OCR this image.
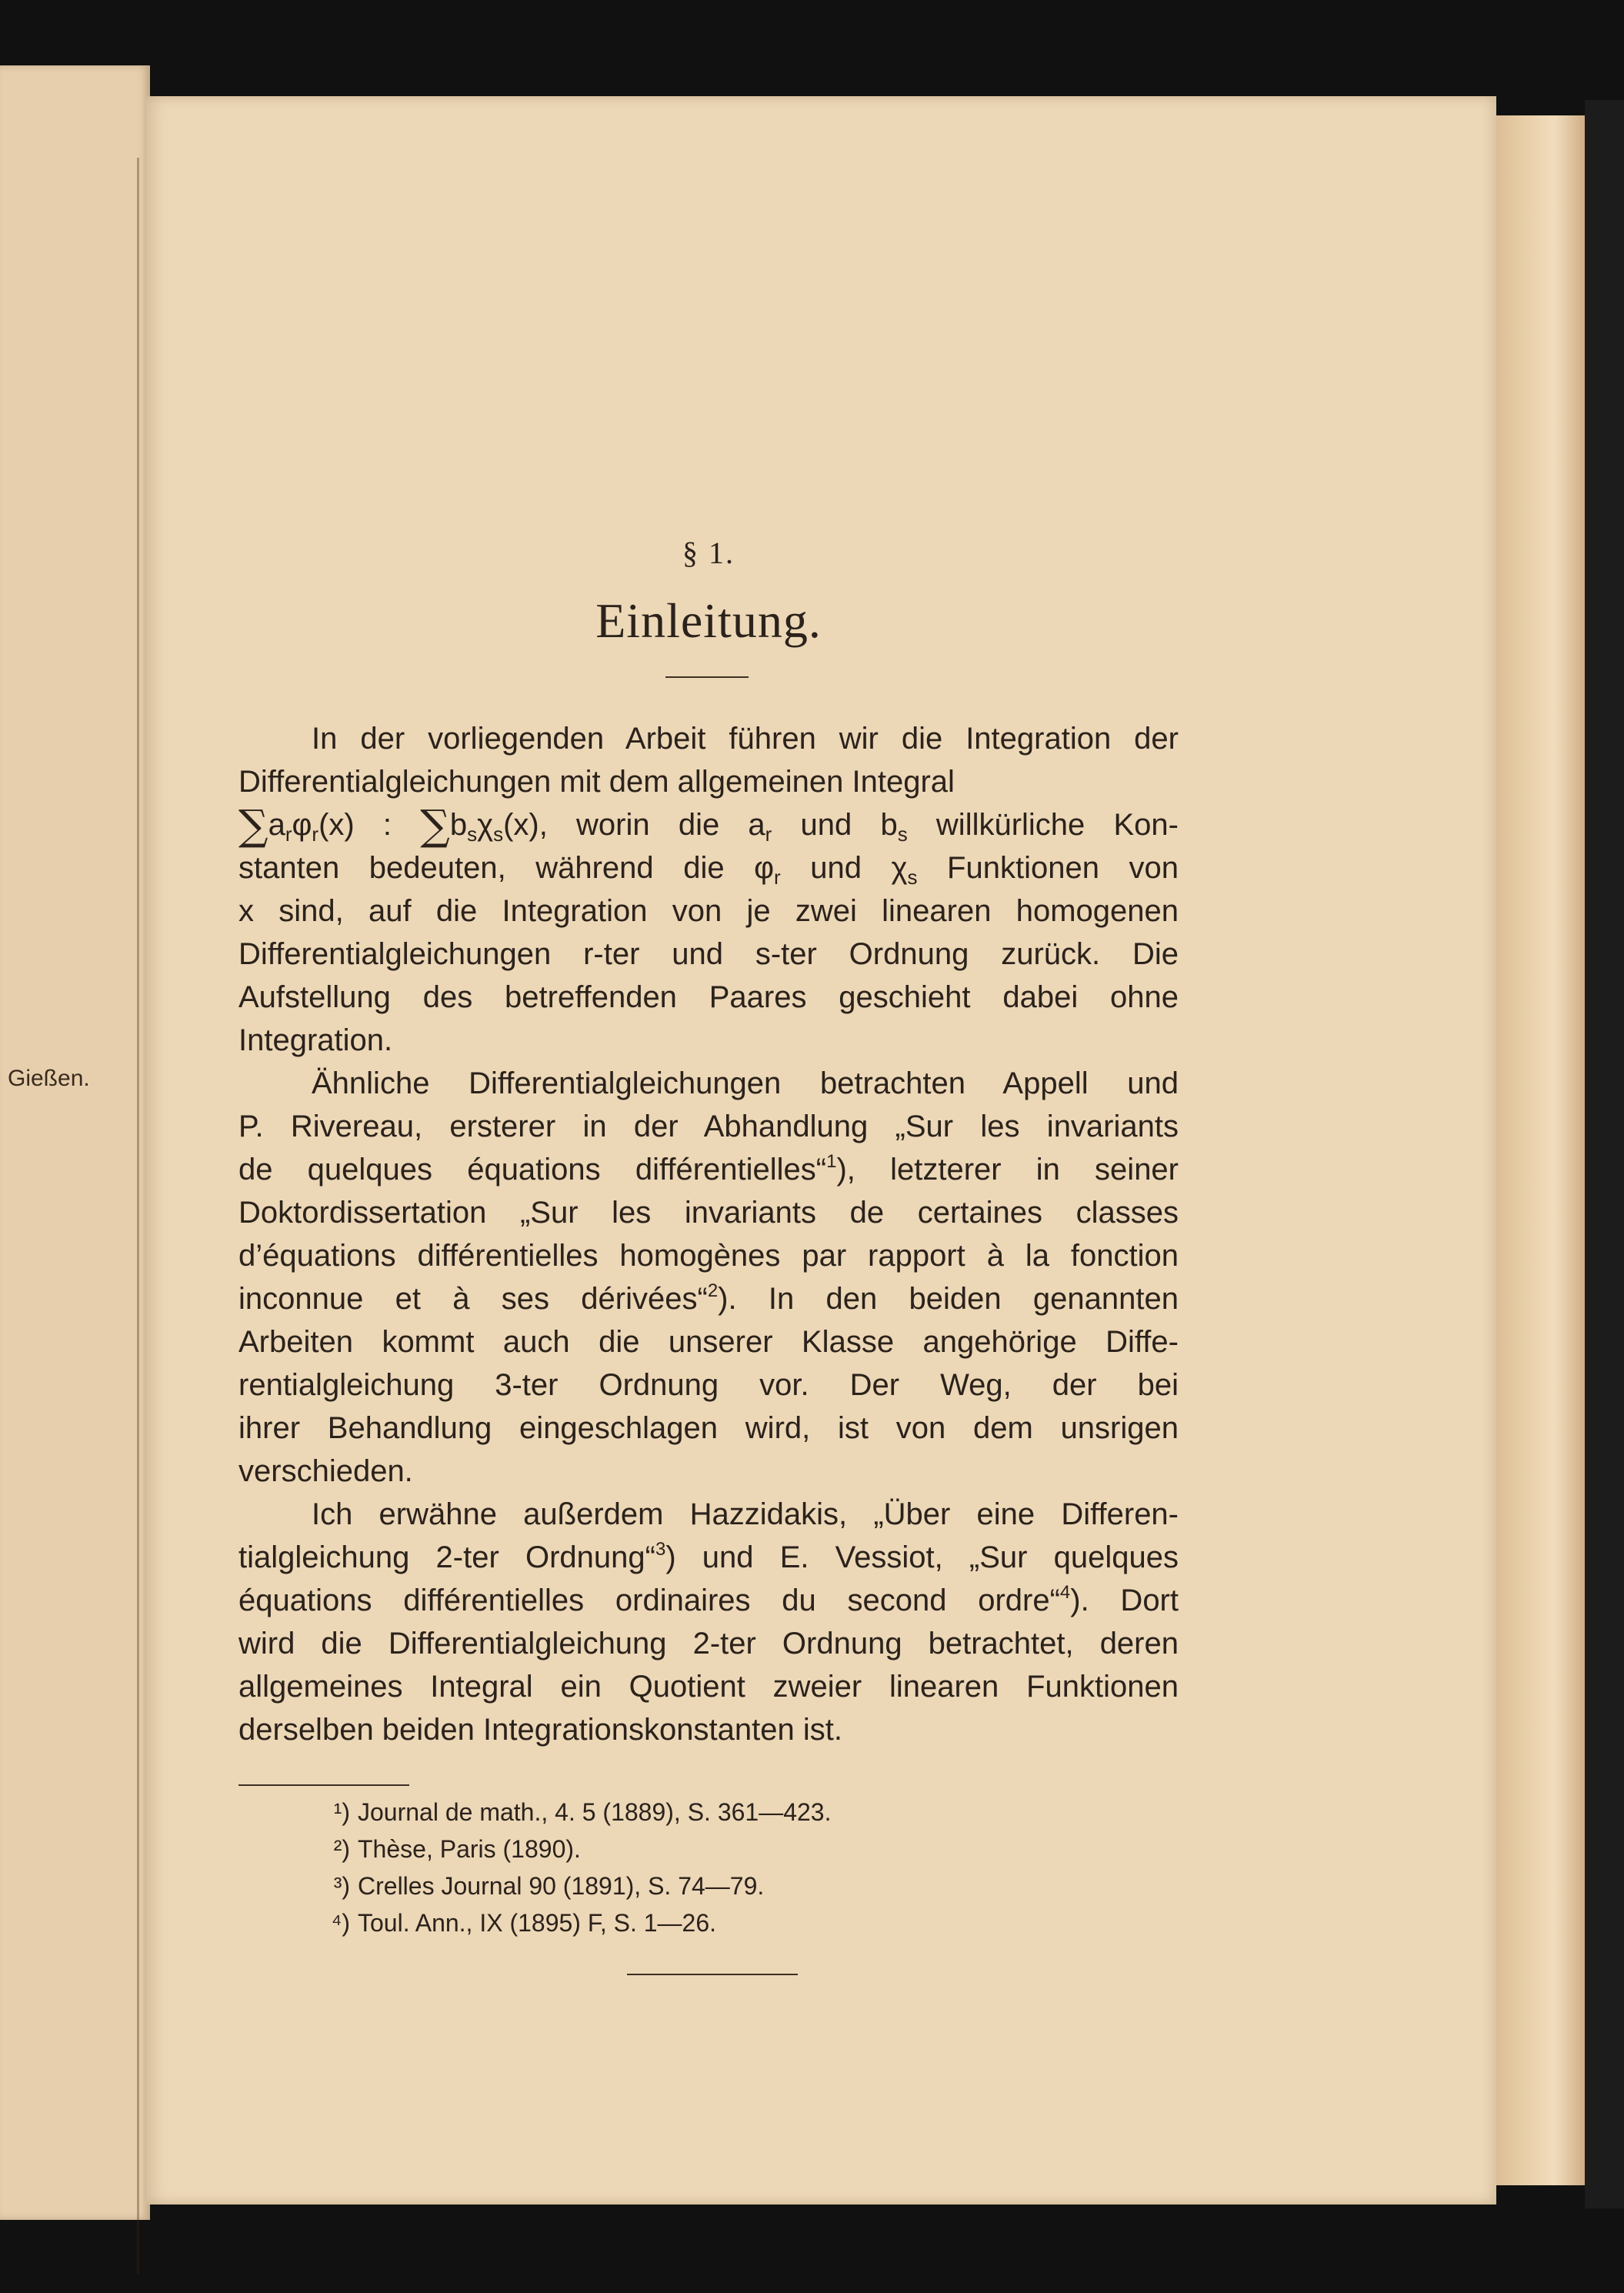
Gießen.
§ 1.
Einleitung.
In der vorliegenden Arbeit führen wir die Integration der
Differentialgleichungen mit dem allgemeinen Integral
$\sum a_r\varphi_r(x)$ : $\sum b_s\chi_s(x)$, worin die $a_r$ und $b_s$ willkürliche Kon-
stanten bedeuten, während die $\varphi_r$ und $\chi_s$ Funktionen von
x sind, auf die Integration von je zwei linearen homogenen
Differentialgleichungen r-ter und s-ter Ordnung zurück. Die
Aufstellung des betreffenden Paares geschieht dabei ohne
Integration.
Ähnliche Differentialgleichungen betrachten Appell und
P. Rivereau, ersterer in der Abhandlung „Sur les invariants
de quelques équations différentielles“$^1$), letzterer in seiner
Doktordissertation „Sur les invariants de certaines classes
d’équations différentielles homogènes par rapport à la fonction
inconnue et à ses dérivées“$^2$). In den beiden genannten
Arbeiten kommt auch die unserer Klasse angehörige Diffe-
rentialgleichung 3-ter Ordnung vor. Der Weg, der bei
ihrer Behandlung eingeschlagen wird, ist von dem unsrigen
verschieden.
Ich erwähne außerdem Hazzidakis, „Über eine Differen-
tialgleichung 2-ter Ordnung“$^3$) und E. Vessiot, „Sur quelques
équations différentielles ordinaires du second ordre“$^4$). Dort
wird die Differentialgleichung 2-ter Ordnung betrachtet, deren
allgemeines Integral ein Quotient zweier linearen Funktionen
derselben beiden Integrationskonstanten ist.
¹) Journal de math., 4. 5 (1889), S. 361—423.
²) Thèse, Paris (1890).
³) Crelles Journal 90 (1891), S. 74—79.
⁴) Toul. Ann., IX (1895) F, S. 1—26.
